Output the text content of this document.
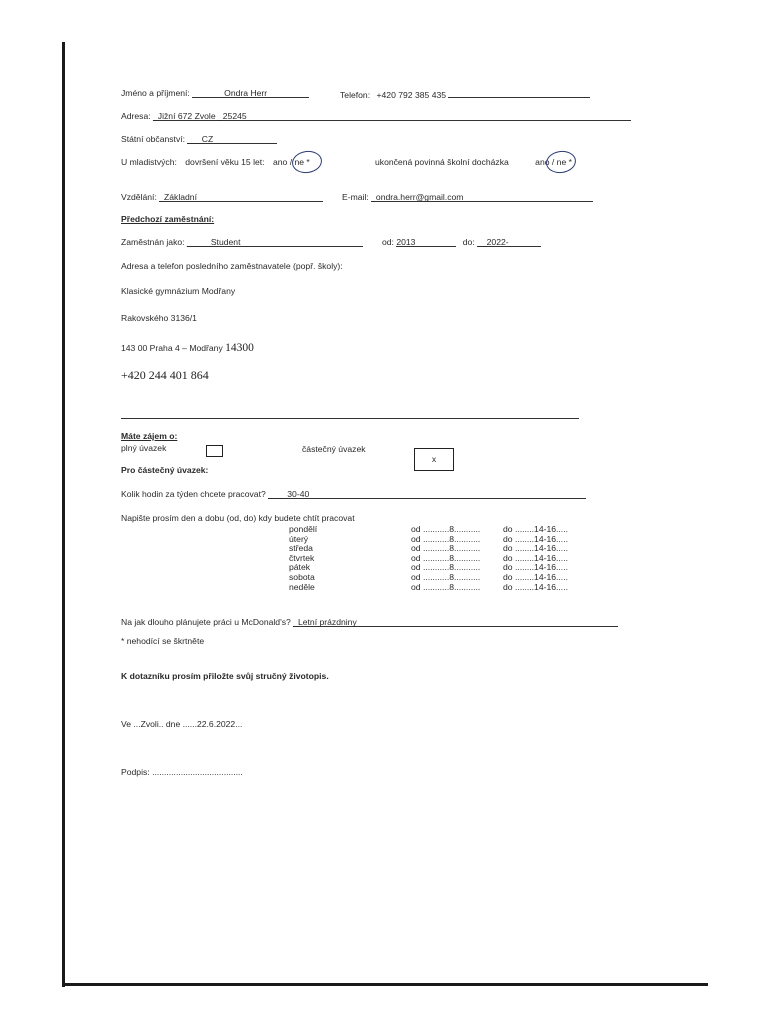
Jméno a příjmení:	Ondra Herr	Telefon: +420 792 385 435
Adresa: _Jižní 672 Zvole _25245
Státní občanství: ___CZ
U mladistvých: dovršení věku 15 let: ano / ne *	ukončená povinná školní docházka	ano / ne *
Vzdělání: _Základní	E-mail: _ondra.herr@gmail.com
Předchozí zaměstnání:
Zaměstnán jako: _____Student	od: 2013	do: __2022-
Adresa a telefon posledního zaměstnavatele (popř. školy):
Klasické gymnázium Modřany
Rakovského 3136/1
143 00 Praha 4 – Modřany 14300
+420 244 401 864
Máte zájem o:
plný úvazek	částečný úvazek
x
Pro částečný úvazek:
Kolik hodin za týden chcete pracovat? ____30-40
Napište prosím den a dobu (od, do) kdy budete chtít pracovat
pondělí	od ...........8...........	do ........14-16.....
úterý	od ...........8...........	do ........14-16.....
středa	od ...........8...........	do ........14-16.....
čtvrtek	od ...........8...........	do ........14-16.....
pátek	od ...........8...........	do ........14-16.....
sobota	od ...........8...........	do ........14-16.....
neděle	od ...........8...........	do ........14-16.....
Na jak dlouho plánujete práci u McDonald's? _Letní prázdniny
* nehodící se škrtněte
K dotazníku prosím přiložte svůj stručný životopis.
Ve ...Zvoli.. dne ......22.6.2022...
Podpis: ......................................
